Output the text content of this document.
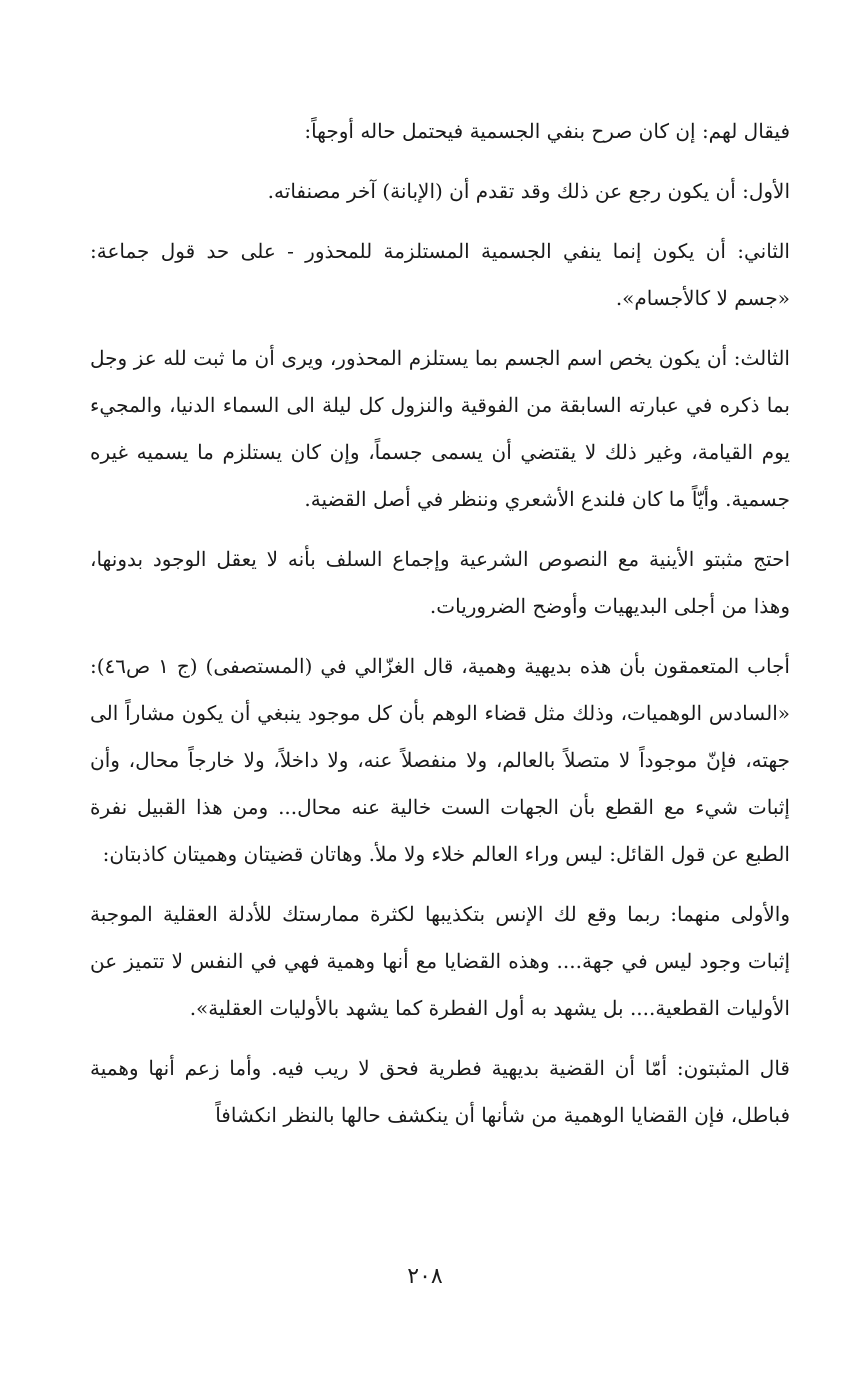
فيقال لهم: إن كان صرح بنفي الجسمية فيحتمل حاله أوجهاً:

الأول: أن يكون رجع عن ذلك وقد تقدم أن (الإبانة) آخر مصنفاته.

الثاني: أن يكون إنما ينفي الجسمية المستلزمة للمحذور - على حد قول جماعة: «جسم لا كالأجسام».

الثالث: أن يكون يخص اسم الجسم بما يستلزم المحذور، ويرى أن ما ثبت لله عز وجل بما ذكره في عبارته السابقة من الفوقية والنزول كل ليلة الى السماء الدنيا، والمجيء يوم القيامة، وغير ذلك لا يقتضي أن يسمى جسماً، وإن كان يستلزم ما يسميه غيره جسمية. وأيّاً ما كان فلندع الأشعري وننظر في أصل القضية.

احتج مثبتو الأينية مع النصوص الشرعية وإجماع السلف بأنه لا يعقل الوجود بدونها، وهذا من أجلى البديهيات وأوضح الضروريات.

أجاب المتعمقون بأن هذه بديهية وهمية، قال الغزّالي في (المستصفى) (ج ١ ص٤٦): «السادس الوهميات، وذلك مثل قضاء الوهم بأن كل موجود ينبغي أن يكون مشاراً الى جهته، فإنّ موجوداً لا متصلاً بالعالم، ولا منفصلاً عنه، ولا داخلاً، ولا خارجاً محال، وأن إثبات شيء مع القطع بأن الجهات الست خالية عنه محال... ومن هذا القبيل نفرة الطبع عن قول القائل: ليس وراء العالم خلاء ولا ملأ. وهاتان قضيتان وهميتان كاذبتان:

والأولى منهما: ربما وقع لك الإنس بتكذيبها لكثرة ممارستك للأدلة العقلية الموجبة إثبات وجود ليس في جهة.... وهذه القضايا مع أنها وهمية فهي في النفس لا تتميز عن الأوليات القطعية.... بل يشهد به أول الفطرة كما يشهد بالأوليات العقلية».

قال المثبتون: أمّا أن القضية بديهية فطرية فحق لا ريب فيه. وأما زعم أنها وهمية فباطل، فإن القضايا الوهمية من شأنها أن ينكشف حالها بالنظر انكشافاً

٢٠٨
